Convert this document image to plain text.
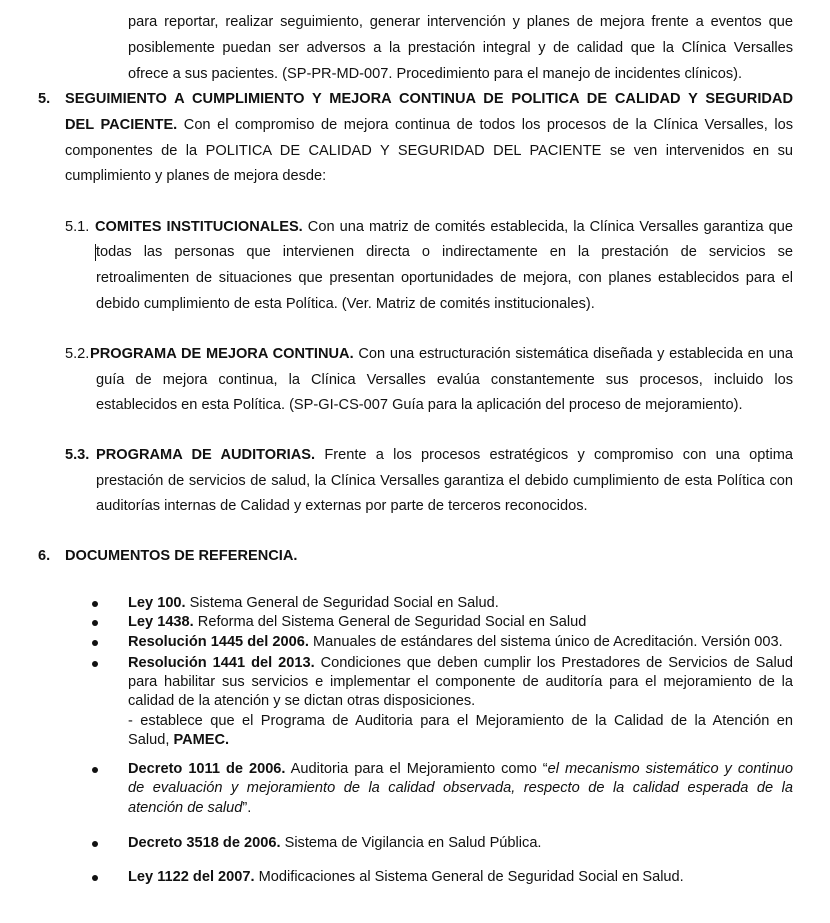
para reportar, realizar seguimiento, generar intervención y planes de mejora frente a eventos que
posiblemente puedan ser adversos a la prestación integral y de calidad que la Clínica Versalles
ofrece a sus pacientes. (SP-PR-MD-007. Procedimiento para el manejo de incidentes clínicos).
5. SEGUIMIENTO A CUMPLIMIENTO Y MEJORA CONTINUA DE POLITICA DE CALIDAD Y SEGURIDAD
DEL PACIENTE. Con el compromiso de mejora continua de todos los procesos de la Clínica Versalles, los
componentes de la POLITICA DE CALIDAD Y SEGURIDAD DEL PACIENTE se ven intervenidos en su
cumplimiento y planes de mejora desde:
5.1. COMITES INSTITUCIONALES. Con una matriz de comités establecida, la Clínica Versalles garantiza que
todas las personas que intervienen directa o indirectamente en la prestación de servicios se
retroalimenten de situaciones que presentan oportunidades de mejora, con planes establecidos para el
debido cumplimiento de esta Política. (Ver. Matriz de comités institucionales).
5.2. PROGRAMA DE MEJORA CONTINUA. Con una estructuración sistemática diseñada y establecida en una
guía de mejora continua, la Clínica Versalles evalúa constantemente sus procesos, incluido los
establecidos en esta Política. (SP-GI-CS-007 Guía para la aplicación del proceso de mejoramiento).
5.3. PROGRAMA DE AUDITORIAS. Frente a los procesos estratégicos y compromiso con una optima
prestación de servicios de salud, la Clínica Versalles garantiza el debido cumplimiento de esta Política con
auditorías internas de Calidad y externas por parte de terceros reconocidos.
6. DOCUMENTOS DE REFERENCIA.
Ley 100. Sistema General de Seguridad Social en Salud.
Ley 1438. Reforma del Sistema General de Seguridad Social en Salud
Resolución 1445 del 2006. Manuales de estándares del sistema único de Acreditación. Versión 003.
Resolución 1441 del 2013. Condiciones que deben cumplir los Prestadores de Servicios de Salud
para habilitar sus servicios e implementar el componente de auditoría para el mejoramiento de la
calidad de la atención y se dictan otras disposiciones.
- establece que el Programa de Auditoria para el Mejoramiento de la Calidad de la Atención en
Salud, PAMEC.
Decreto 1011 de 2006. Auditoria para el Mejoramiento como “el mecanismo sistemático y continuo
de evaluación y mejoramiento de la calidad observada, respecto de la calidad esperada de la
atención de salud”.
Decreto 3518 de 2006. Sistema de Vigilancia en Salud Pública.
Ley 1122 del 2007. Modificaciones al Sistema General de Seguridad Social en Salud.
